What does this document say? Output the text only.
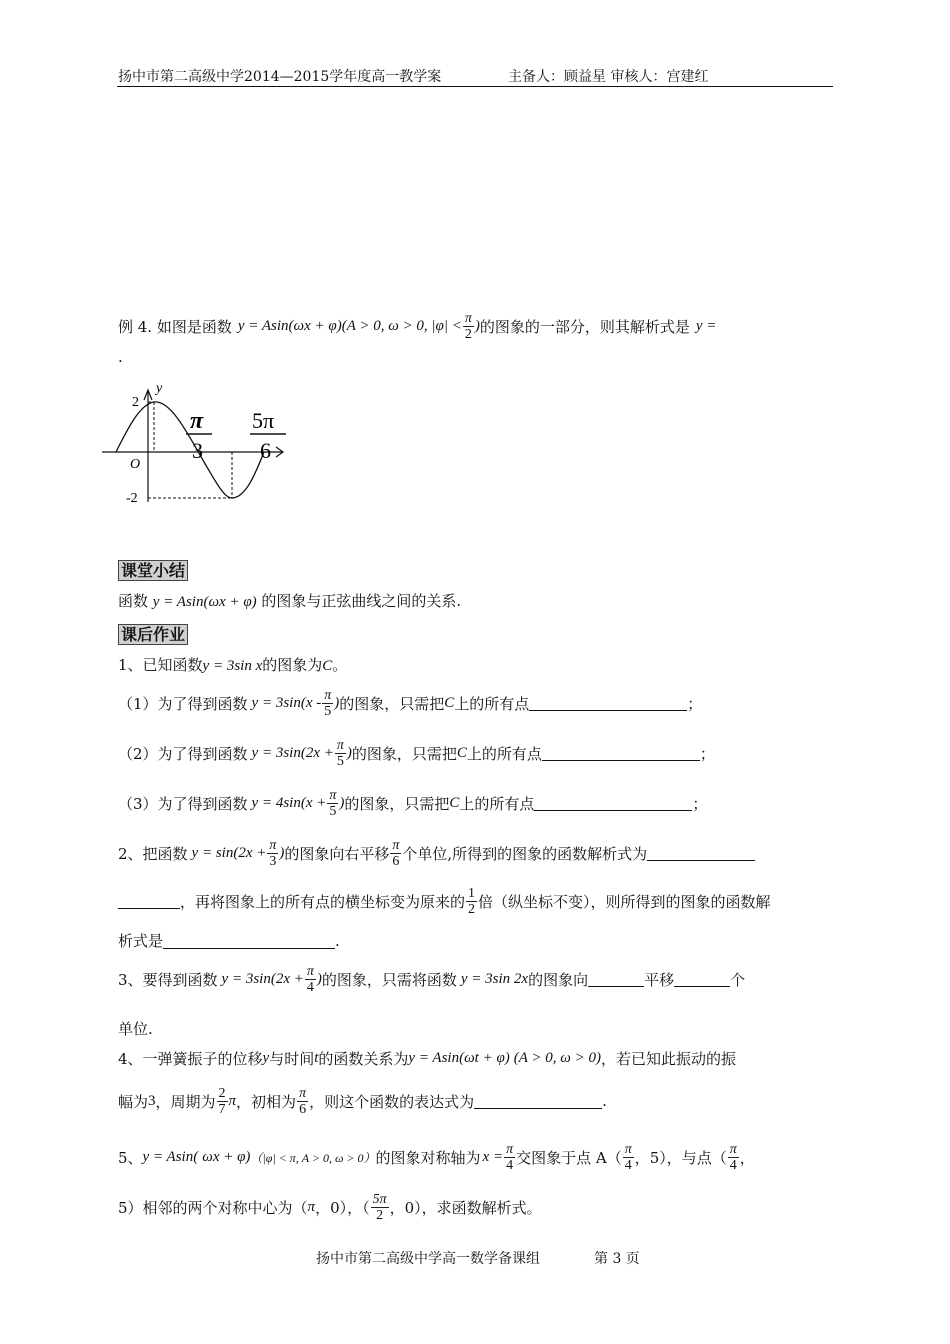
扬中市第二高级中学2014—2015学年度高一教学案	主备人：顾益星 审核人：宫建红
例 4. 如图是函数 y = Asin(ωx + φ)(A > 0, ω > 0, $|\varphi| < \frac{\pi}{2}$ ) 的图象的一部分，则其解析式是 y =
.
y
O
2
-2
π
3
5π
6
课堂小结
函数 y = Asin(ωx + φ) 的图象与正弦曲线之间的关系.
课后作业
1、已知函数y = 3sin x的图象为C。
（1）为了得到函数 $y = 3\sin(x - \frac{\pi}{5}$ ) 的图象，只需把 C 上的所有点	；
（2）为了得到函数 $y = 3\sin(2x + \frac{\pi}{5}$ ) 的图象，只需把 C 上的所有点	；
（3）为了得到函数 $y = 4\sin(x + \frac{\pi}{5}$ ) 的图象，只需把 C 上的所有点	；
2、把函数 $y = \sin(2x + \frac{\pi}{3}$ ) 的图象向右平移 $\frac{\pi}{6}$ 个单位,所得到的图象的函数解析式为
，再将图象上的所有点的横坐标变为原来的 $\frac{1}{2}$ 倍（纵坐标不变），则所得到的图象的函数解
析式是	.
3、要得到函数 $y = 3\sin(2x + \frac{\pi}{4}$ ) 的图象，只需将函数 y = 3sin 2x 的图象向	平移	个
单位.
4、一弹簧振子的位移 y 与时间 t 的函数关系为 y = Asin(ωt + φ) (A > 0, ω > 0) ，若已知此振动的振
幅为 3 ，周期为 $\frac{2}{7}$ π ，初相为 $\frac{\pi}{6}$ ，则这个函数的表达式为	.
5、 y = Asin( ω x + φ) （|φ| < π, A > 0, ω > 0） 的图象对称轴为 $x = \frac{\pi}{4}$ 交图象于点 $A( \frac{\pi}{4}$ ，5），与点（ $\frac{\pi}{4}$ ，
5）相邻的两个对称中心为（ π ，0），（ $\frac{5\pi}{2}$ ，0），求函数解析式。
扬中市第二高级中学高一数学备课组	第 3 页
